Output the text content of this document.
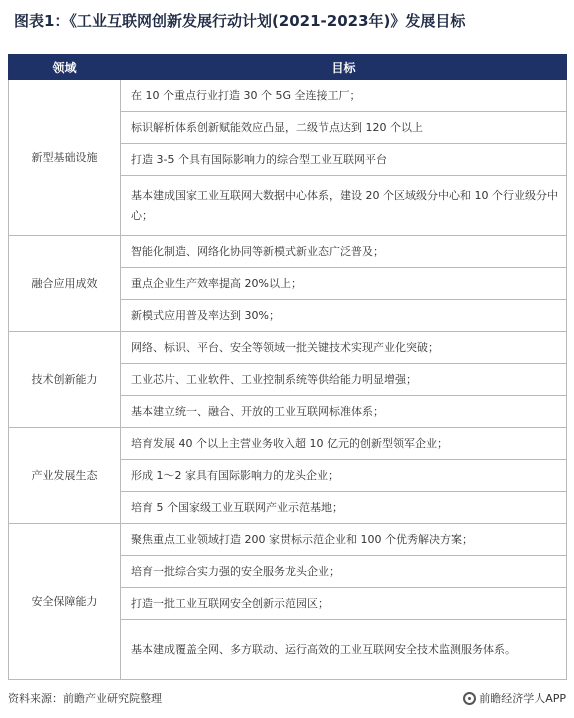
图表1：《工业互联网创新发展行动计划(2021-2023年)》发展目标
领域	目标
新型基础设施	在 10 个重点行业打造 30 个 5G 全连接工厂；
	标识解析体系创新赋能效应凸显，二级节点达到 120 个以上
	打造 3-5 个具有国际影响力的综合型工业互联网平台
	基本建成国家工业互联网大数据中心体系，建设 20 个区域级分中心和 10 个行业级分中心；
融合应用成效	智能化制造、网络化协同等新模式新业态广泛普及；
	重点企业生产效率提高 20%以上；
	新模式应用普及率达到 30%；
技术创新能力	网络、标识、平台、安全等领域一批关键技术实现产业化突破；
	工业芯片、工业软件、工业控制系统等供给能力明显增强；
	基本建立统一、融合、开放的工业互联网标准体系；
产业发展生态	培育发展 40 个以上主营业务收入超 10 亿元的创新型领军企业；
	形成 1～2 家具有国际影响力的龙头企业；
	培育 5 个国家级工业互联网产业示范基地；
安全保障能力	聚焦重点工业领域打造 200 家贯标示范企业和 100 个优秀解决方案；
	培育一批综合实力强的安全服务龙头企业；
	打造一批工业互联网安全创新示范园区；
	基本建成覆盖全网、多方联动、运行高效的工业互联网安全技术监测服务体系。
资料来源：前瞻产业研究院整理	前瞻经济学人APP
